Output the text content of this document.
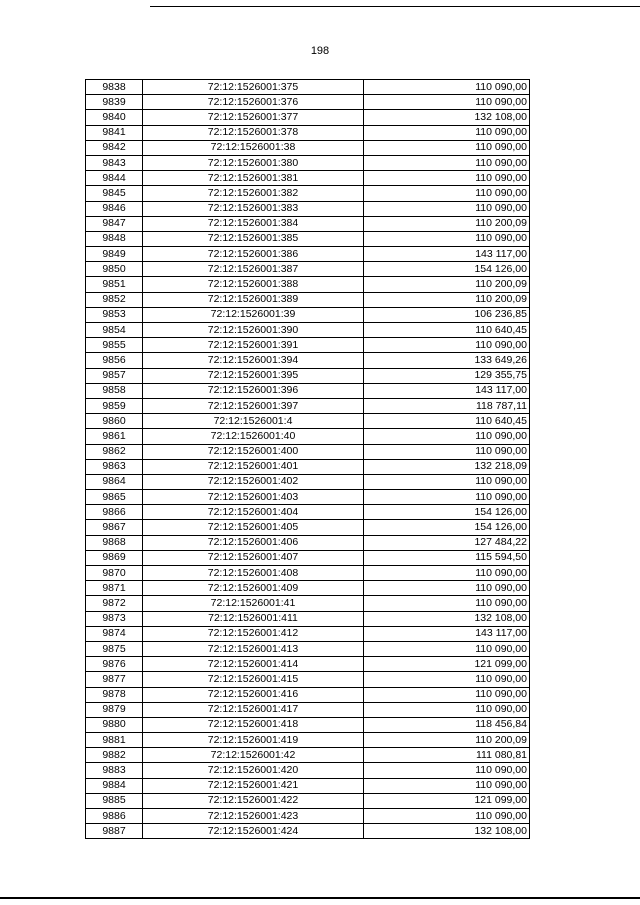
198
9838	72:12:1526001:375	110 090,00
9839	72:12:1526001:376	110 090,00
9840	72:12:1526001:377	132 108,00
9841	72:12:1526001:378	110 090,00
9842	72:12:1526001:38	110 090,00
9843	72:12:1526001:380	110 090,00
9844	72:12:1526001:381	110 090,00
9845	72:12:1526001:382	110 090,00
9846	72:12:1526001:383	110 090,00
9847	72:12:1526001:384	110 200,09
9848	72:12:1526001:385	110 090,00
9849	72:12:1526001:386	143 117,00
9850	72:12:1526001:387	154 126,00
9851	72:12:1526001:388	110 200,09
9852	72:12:1526001:389	110 200,09
9853	72:12:1526001:39	106 236,85
9854	72:12:1526001:390	110 640,45
9855	72:12:1526001:391	110 090,00
9856	72:12:1526001:394	133 649,26
9857	72:12:1526001:395	129 355,75
9858	72:12:1526001:396	143 117,00
9859	72:12:1526001:397	118 787,11
9860	72:12:1526001:4	110 640,45
9861	72:12:1526001:40	110 090,00
9862	72:12:1526001:400	110 090,00
9863	72:12:1526001:401	132 218,09
9864	72:12:1526001:402	110 090,00
9865	72:12:1526001:403	110 090,00
9866	72:12:1526001:404	154 126,00
9867	72:12:1526001:405	154 126,00
9868	72:12:1526001:406	127 484,22
9869	72:12:1526001:407	115 594,50
9870	72:12:1526001:408	110 090,00
9871	72:12:1526001:409	110 090,00
9872	72:12:1526001:41	110 090,00
9873	72:12:1526001:411	132 108,00
9874	72:12:1526001:412	143 117,00
9875	72:12:1526001:413	110 090,00
9876	72:12:1526001:414	121 099,00
9877	72:12:1526001:415	110 090,00
9878	72:12:1526001:416	110 090,00
9879	72:12:1526001:417	110 090,00
9880	72:12:1526001:418	118 456,84
9881	72:12:1526001:419	110 200,09
9882	72:12:1526001:42	111 080,81
9883	72:12:1526001:420	110 090,00
9884	72:12:1526001:421	110 090,00
9885	72:12:1526001:422	121 099,00
9886	72:12:1526001:423	110 090,00
9887	72:12:1526001:424	132 108,00
